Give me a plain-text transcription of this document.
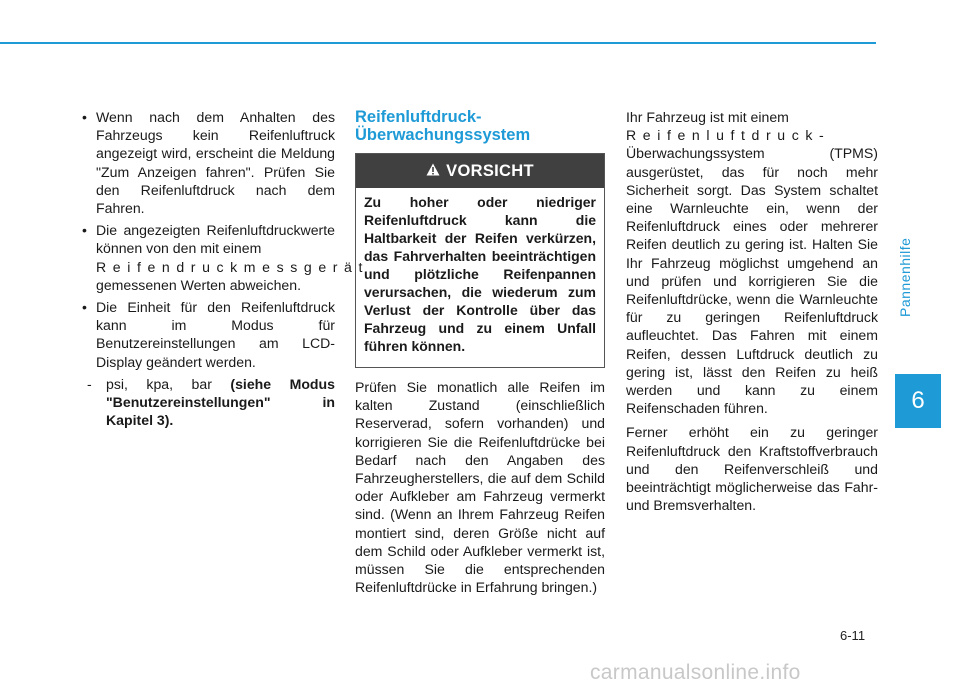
Pannenhilfe
6
• Wenn nach dem Anhalten des Fahrzeugs kein Reifenluftruck angezeigt wird, erscheint die Meldung "Zum Anzeigen fahren". Prüfen Sie den Reifenluftdruck nach dem Fahren.
• Die angezeigten Reifenluftdruckwerte können von den mit einem
Reifendruckmessgerät
gemessenen Werten abweichen.
• Die Einheit für den Reifenluftdruck kann im Modus für Benutzereinstellungen am LCD-Display geändert werden.
- psi, kpa, bar (siehe Modus "Benutzereinstellungen" in Kapitel 3).
Reifenluftdruck-Überwachungssystem
VORSICHT
Zu hoher oder niedriger Reifenluftdruck kann die Haltbarkeit der Reifen verkürzen, das Fahrverhalten beeinträchtigen und plötzliche Reifenpannen verursachen, die wiederum zum Verlust der Kontrolle über das Fahrzeug und zu einem Unfall führen können.

Prüfen Sie monatlich alle Reifen im kalten Zustand (einschließlich Reserverad, sofern vorhanden) und korrigieren Sie die Reifenluftdrücke bei Bedarf nach den Angaben des Fahrzeugherstellers, die auf dem Schild oder Aufkleber am Fahrzeug vermerkt sind. (Wenn an Ihrem Fahrzeug Reifen montiert sind, deren Größe nicht auf dem Schild oder Aufkleber vermerkt ist, müssen Sie die entsprechenden Reifenluftdrücke in Erfahrung bringen.)

Ihr Fahrzeug ist mit einem
Reifenluftdruck-
Überwachungssystem (TPMS) ausgerüstet, das für noch mehr Sicherheit sorgt. Das System schaltet eine Warnleuchte ein, wenn der Reifenluftdruck eines oder mehrerer Reifen deutlich zu gering ist. Halten Sie Ihr Fahrzeug möglichst umgehend an und prüfen und korrigieren Sie die Reifenluftdrücke, wenn die Warnleuchte für zu geringen Reifenluftdruck aufleuchtet. Das Fahren mit einem Reifen, dessen Luftdruck deutlich zu gering ist, lässt den Reifen zu heiß werden und kann zu einem Reifenschaden führen.

Ferner erhöht ein zu geringer Reifenluftdruck den Kraftstoffverbrauch und den Reifenverschleiß und beeinträchtigt möglicherweise das Fahr- und Bremsverhalten.

6-11
carmanualsonline.info
